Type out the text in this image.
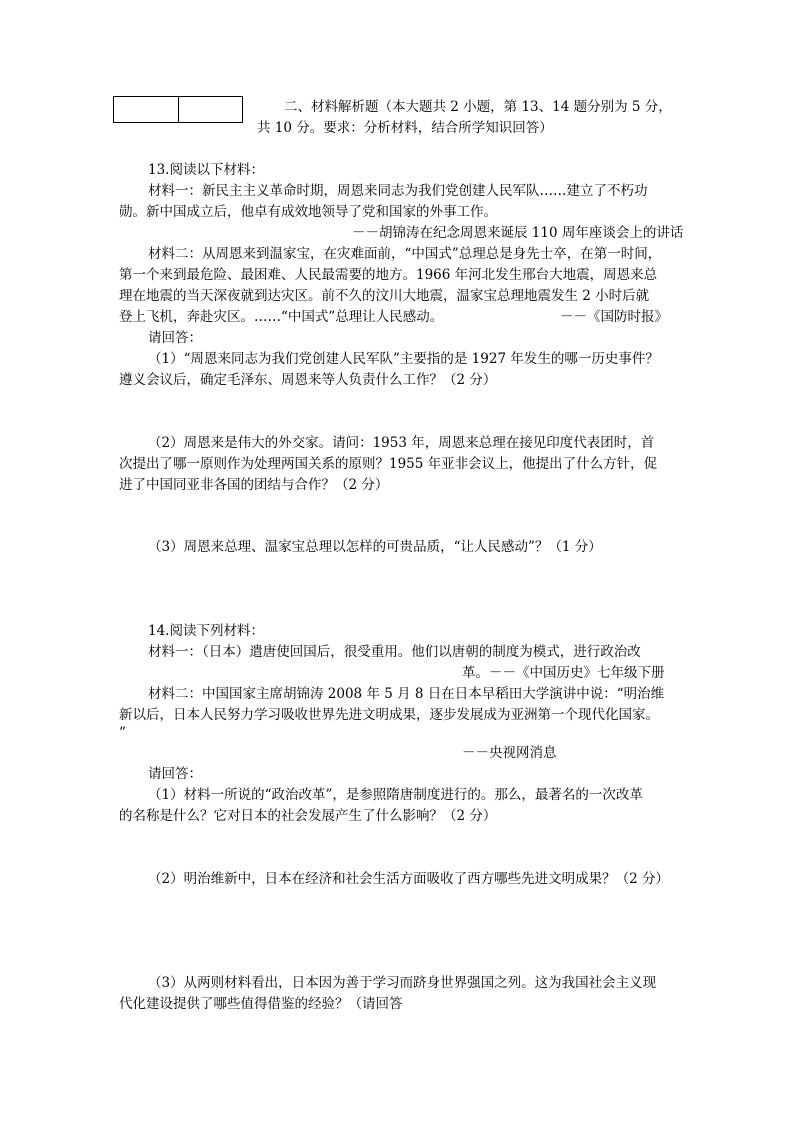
二、材料解析题（本大题共 2 小题，第 13、14 题分别为 5 分，
共 10 分。要求：分析材料，结合所学知识回答）
13.阅读以下材料：
材料一：新民主主义革命时期，周恩来同志为我们党创建人民军队……建立了不朽功
勋。新中国成立后，他卓有成效地领导了党和国家的外事工作。
－－胡锦涛在纪念周恩来诞辰 110 周年座谈会上的讲话
材料二：从周恩来到温家宝，在灾难面前，“中国式”总理总是身先士卒，在第一时间，
第一个来到最危险、最困难、人民最需要的地方。1966 年河北发生邢台大地震，周恩来总
理在地震的当天深夜就到达灾区。前不久的汶川大地震，温家宝总理地震发生 2 小时后就
登上飞机，奔赴灾区。……“中国式”总理让人民感动。	－－《国防时报》
请回答：
（1）“周恩来同志为我们党创建人民军队”主要指的是 1927 年发生的哪一历史事件？
遵义会议后，确定毛泽东、周恩来等人负责什么工作？（2 分）
（2）周恩来是伟大的外交家。请问：1953 年，周恩来总理在接见印度代表团时，首
次提出了哪一原则作为处理两国关系的原则？1955 年亚非会议上，他提出了什么方针，促
进了中国同亚非各国的团结与合作？（2 分）
（3）周恩来总理、温家宝总理以怎样的可贵品质，“让人民感动”？（1 分）
14.阅读下列材料：
材料一：（日本）遣唐使回国后，很受重用。他们以唐朝的制度为模式，进行政治改
革。－－《中国历史》七年级下册
材料二：中国国家主席胡锦涛 2008 年 5 月 8 日在日本早稻田大学演讲中说：“明治维
新以后，日本人民努力学习吸收世界先进文明成果，逐步发展成为亚洲第一个现代化国家。
”
－－央视网消息
请回答：
（1）材料一所说的“政治改革”，是参照隋唐制度进行的。那么，最著名的一次改革
的名称是什么？它对日本的社会发展产生了什么影响？（2 分）
（2）明治维新中，日本在经济和社会生活方面吸收了西方哪些先进文明成果？（2 分）
（3）从两则材料看出，日本因为善于学习而跻身世界强国之列。这为我国社会主义现
代化建设提供了哪些值得借鉴的经验？（请回答
